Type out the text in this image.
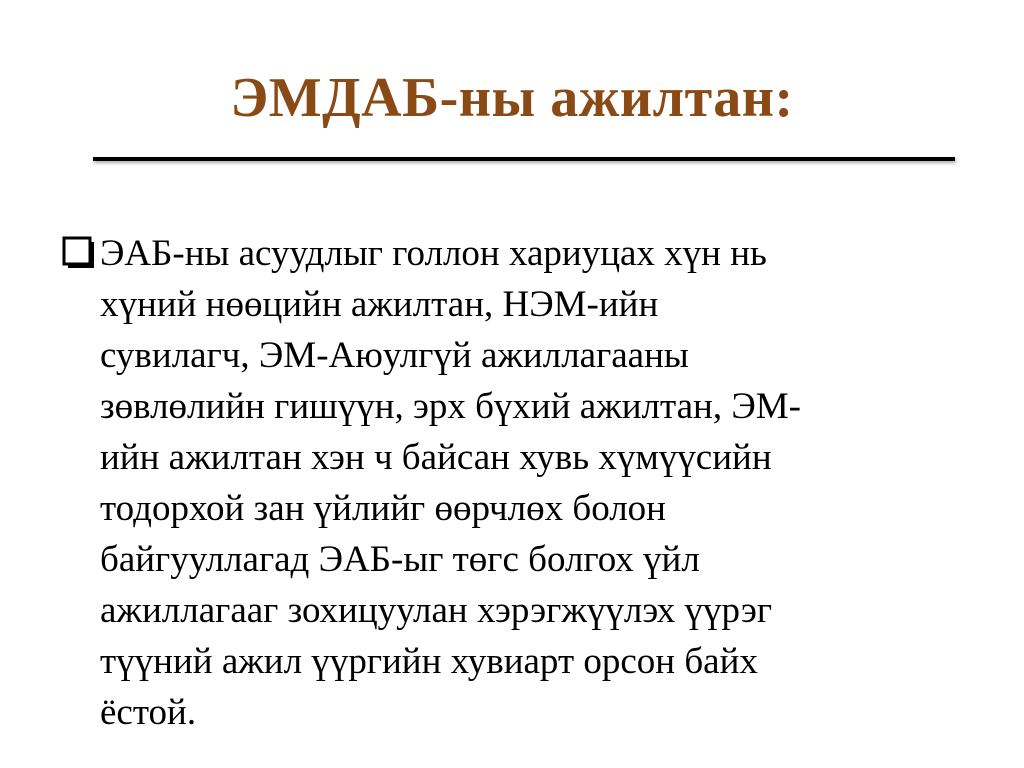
ЭМДАБ-ны ажилтан:
ЭАБ-ны асуудлыг голлон хариуцах хүн нь
хүний нөөцийн ажилтан, НЭМ-ийн
сувилагч, ЭМ-Аюулгүй ажиллагааны
зөвлөлийн гишүүн, эрх бүхий ажилтан, ЭМ-
ийн ажилтан хэн ч байсан хувь хүмүүсийн
тодорхой зан үйлийг өөрчлөх болон
байгууллагад ЭАБ-ыг төгс болгох үйл
ажиллагааг зохицуулан хэрэгжүүлэх үүрэг
түүний ажил үүргийн хувиарт орсон байх
ёстой.
